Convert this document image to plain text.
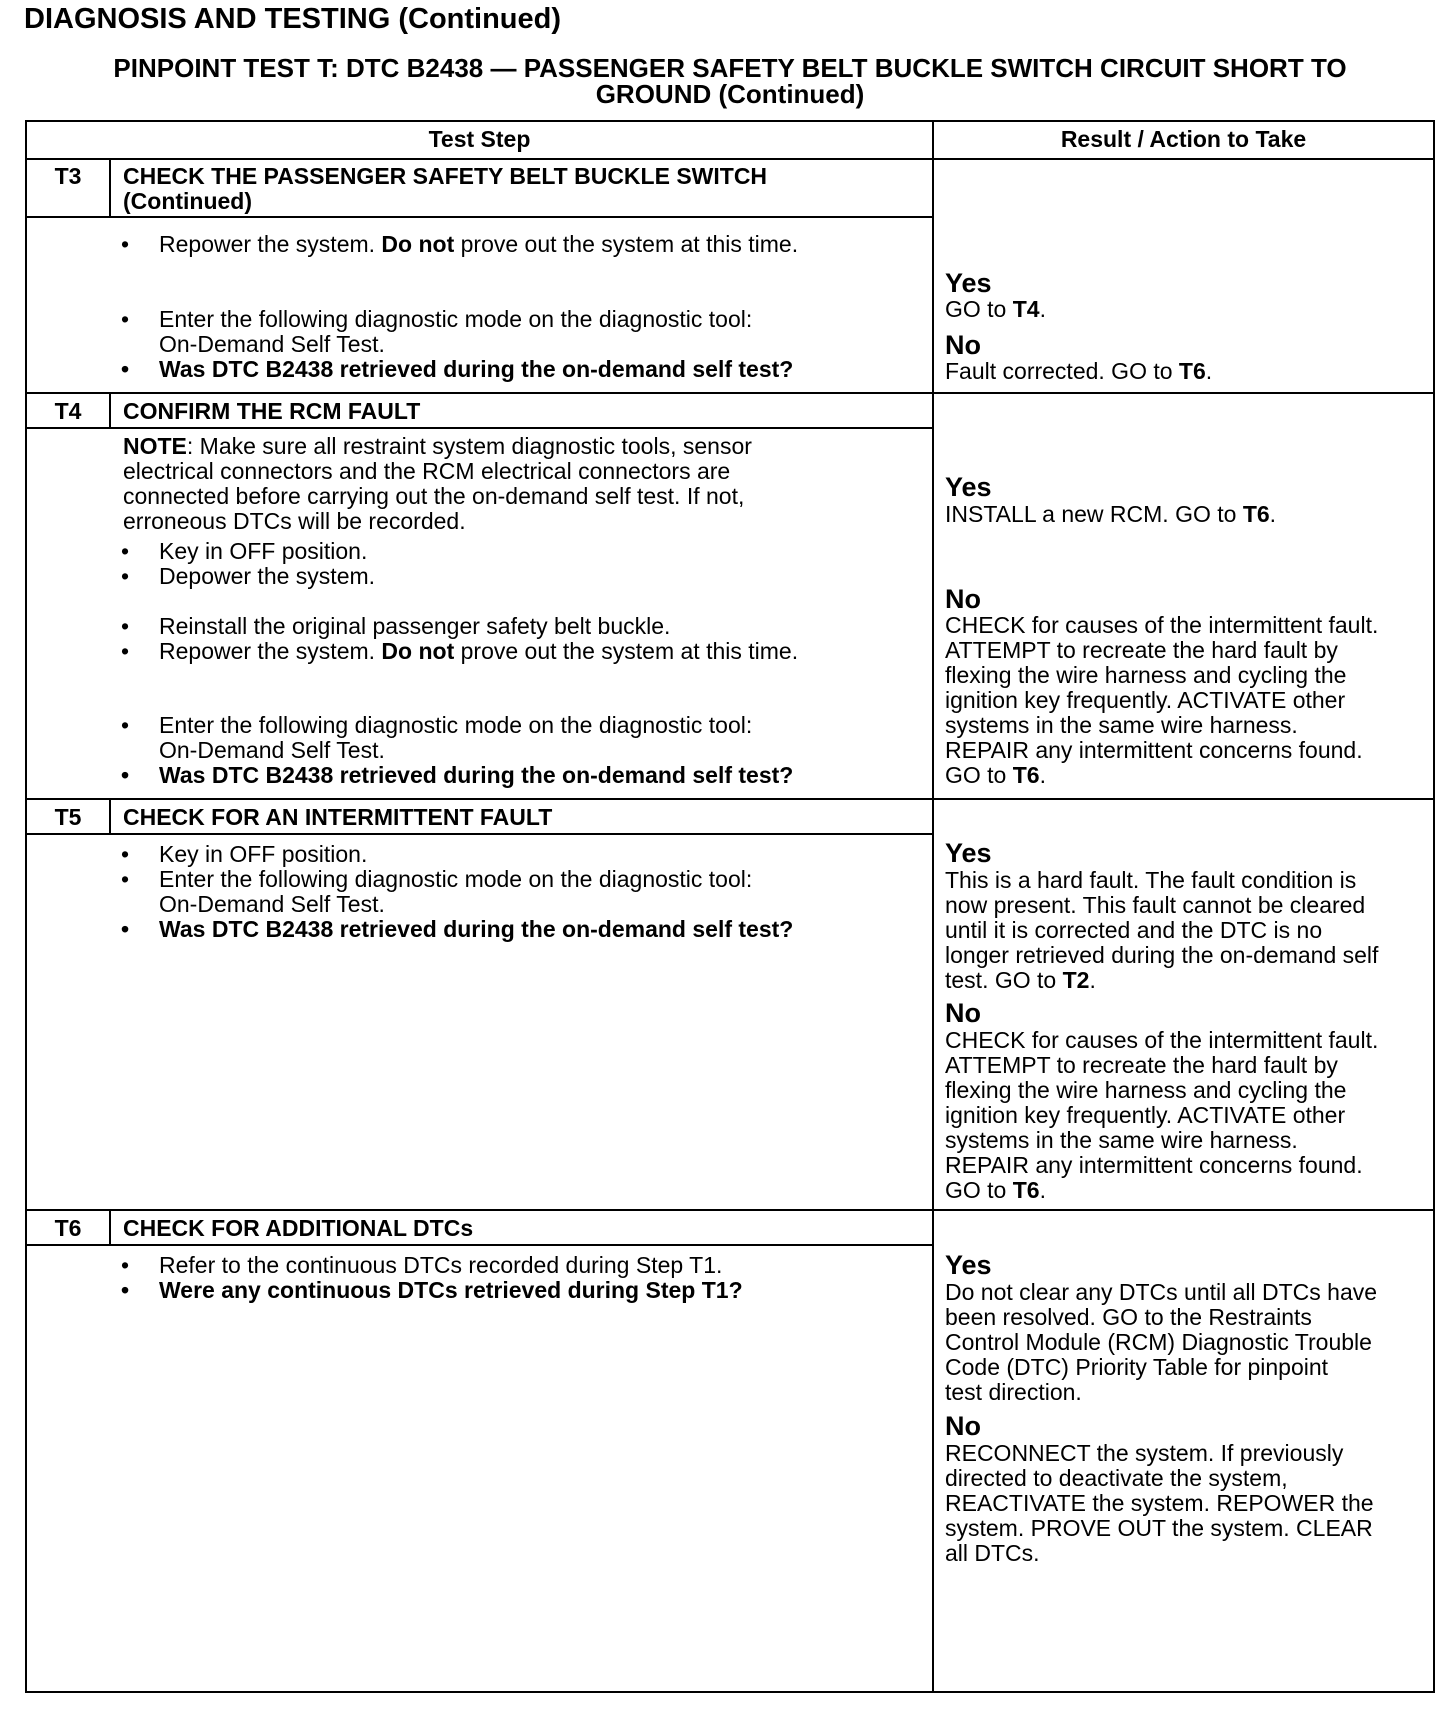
DIAGNOSIS AND TESTING (Continued)
PINPOINT TEST T: DTC B2438 — PASSENGER SAFETY BELT BUCKLE SWITCH CIRCUIT SHORT TO
GROUND (Continued)
Test Step	Result / Action to Take
T3	CHECK THE PASSENGER SAFETY BELT BUCKLE SWITCH
(Continued)
• Repower the system. Do not prove out the system at this time.
• Enter the following diagnostic mode on the diagnostic tool:
On-Demand Self Test.
• Was DTC B2438 retrieved during the on-demand self test?
Yes
GO to T4.
No
Fault corrected. GO to T6.
T4	CONFIRM THE RCM FAULT
NOTE: Make sure all restraint system diagnostic tools, sensor
electrical connectors and the RCM electrical connectors are
connected before carrying out the on-demand self test. If not,
erroneous DTCs will be recorded.
• Key in OFF position.
• Depower the system.
• Reinstall the original passenger safety belt buckle.
• Repower the system. Do not prove out the system at this time.
• Enter the following diagnostic mode on the diagnostic tool:
On-Demand Self Test.
• Was DTC B2438 retrieved during the on-demand self test?
Yes
INSTALL a new RCM. GO to T6.
No
CHECK for causes of the intermittent fault.
ATTEMPT to recreate the hard fault by
flexing the wire harness and cycling the
ignition key frequently. ACTIVATE other
systems in the same wire harness.
REPAIR any intermittent concerns found.
GO to T6.
T5	CHECK FOR AN INTERMITTENT FAULT
• Key in OFF position.
• Enter the following diagnostic mode on the diagnostic tool:
On-Demand Self Test.
• Was DTC B2438 retrieved during the on-demand self test?
Yes
This is a hard fault. The fault condition is
now present. This fault cannot be cleared
until it is corrected and the DTC is no
longer retrieved during the on-demand self
test. GO to T2.
No
CHECK for causes of the intermittent fault.
ATTEMPT to recreate the hard fault by
flexing the wire harness and cycling the
ignition key frequently. ACTIVATE other
systems in the same wire harness.
REPAIR any intermittent concerns found.
GO to T6.
T6	CHECK FOR ADDITIONAL DTCs
• Refer to the continuous DTCs recorded during Step T1.
• Were any continuous DTCs retrieved during Step T1?
Yes
Do not clear any DTCs until all DTCs have
been resolved. GO to the Restraints
Control Module (RCM) Diagnostic Trouble
Code (DTC) Priority Table for pinpoint
test direction.
No
RECONNECT the system. If previously
directed to deactivate the system,
REACTIVATE the system. REPOWER the
system. PROVE OUT the system. CLEAR
all DTCs.
